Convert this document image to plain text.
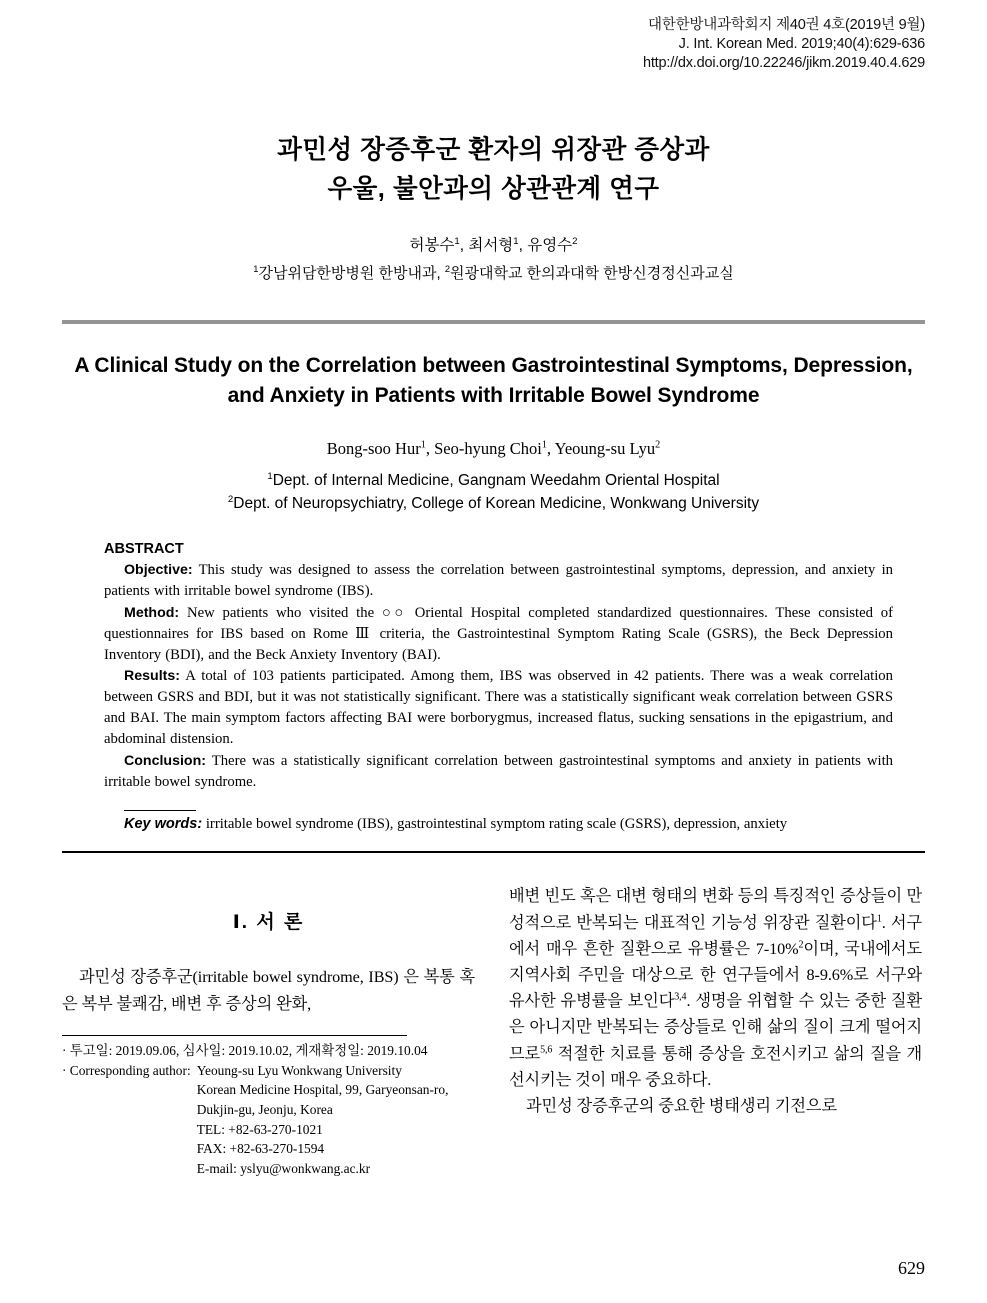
대한한방내과학회지 제40권 4호(2019년 9월)
J. Int. Korean Med. 2019;40(4):629-636
http://dx.doi.org/10.22246/jikm.2019.40.4.629
과민성 장증후군 환자의 위장관 증상과
우울, 불안과의 상관관계 연구
허봉수$^1$, 최서형$^1$, 유영수$^2$
$^1$강남위담한방병원 한방내과, $^2$원광대학교 한의과대학 한방신경정신과교실
A Clinical Study on the Correlation between Gastrointestinal Symptoms, Depression,
and Anxiety in Patients with Irritable Bowel Syndrome
Bong-soo Hur$^1$, Seo-hyung Choi$^1$, Yeoung-su Lyu$^2$
$^1$Dept. of Internal Medicine, Gangnam Weedahm Oriental Hospital
$^2$Dept. of Neuropsychiatry, College of Korean Medicine, Wonkwang University
ABSTRACT

Objective: This study was designed to assess the correlation between gastrointestinal symptoms, depression, and anxiety in patients with irritable bowel syndrome (IBS).

Method: New patients who visited the ○○ Oriental Hospital completed standardized questionnaires. These consisted of questionnaires for IBS based on Rome Ⅲ criteria, the Gastrointestinal Symptom Rating Scale (GSRS), the Beck Depression Inventory (BDI), and the Beck Anxiety Inventory (BAI).

Results: A total of 103 patients participated. Among them, IBS was observed in 42 patients. There was a weak correlation between GSRS and BDI, but it was not statistically significant. There was a statistically significant weak correlation between GSRS and BAI. The main symptom factors affecting BAI were borborygmus, increased flatus, sucking sensations in the epigastrium, and abdominal distension.

Conclusion: There was a statistically significant correlation between gastrointestinal symptoms and anxiety in patients with irritable bowel syndrome.

Key words: irritable bowel syndrome (IBS), gastrointestinal symptom rating scale (GSRS), depression, anxiety
Ⅰ. 서 론

과민성 장증후군(irritable bowel syndrome, IBS) 은 복통 혹은 복부 불쾌감, 배변 후 증상의 완화,

· 투고일: 2019.09.06, 심사일: 2019.10.02, 게재확정일: 2019.10.04
· Corresponding author: Yeoung-su Lyu Wonkwang University
Korean Medicine Hospital, 99, Garyeonsan-ro,
Dukjin-gu, Jeonju, Korea
TEL: +82-63-270-1021
FAX: +82-63-270-1594
E-mail: yslyu@wonkwang.ac.kr

배변 빈도 혹은 대변 형태의 변화 등의 특징적인 증상들이 만성적으로 반복되는 대표적인 기능성 위장관 질환이다$^1$. 서구에서 매우 흔한 질환으로 유병률은 7-10%$^2$이며, 국내에서도 지역사회 주민을 대상으로 한 연구들에서 8-9.6%로 서구와 유사한 유병률을 보인다$^{3,4}$. 생명을 위협할 수 있는 중한 질환은 아니지만 반복되는 증상들로 인해 삶의 질이 크게 떨어지므로$^{5,6}$ 적절한 치료를 통해 증상을 호전시키고 삶의 질을 개선시키는 것이 매우 중요하다.

과민성 장증후군의 중요한 병태생리 기전으로

629
